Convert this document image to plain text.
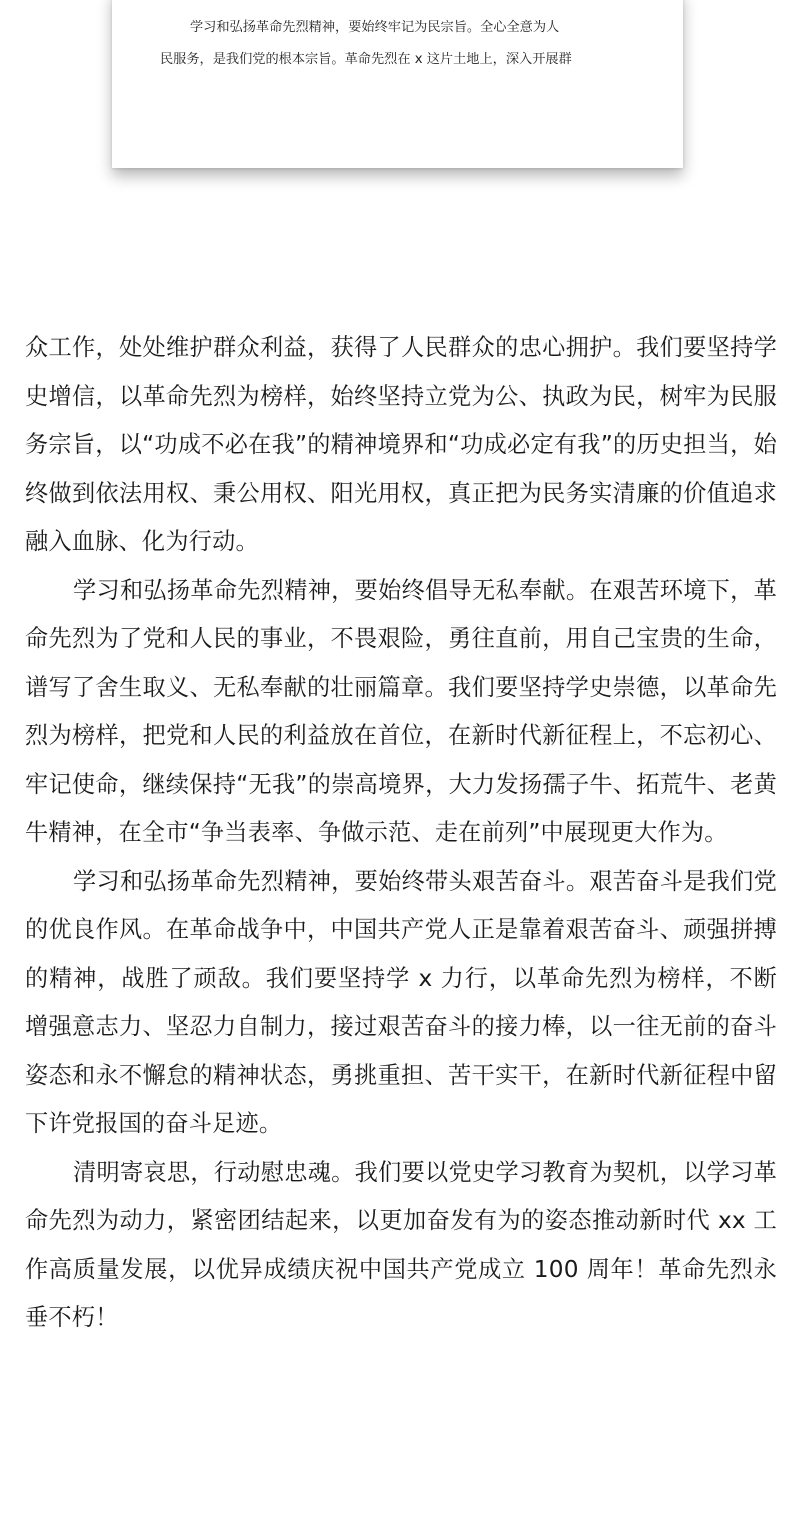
学习和弘扬革命先烈精神，要始终牢记为民宗旨。全心全意为人
民服务，是我们党的根本宗旨。革命先烈在 x 这片土地上，深入开展群

众工作，处处维护群众利益，获得了人民群众的忠心拥护。我们要坚持学史增信，以革命先烈为榜样，始终坚持立党为公、执政为民，树牢为民服务宗旨，以“功成不必在我”的精神境界和“功成必定有我”的历史担当，始终做到依法用权、秉公用权、阳光用权，真正把为民务实清廉的价值追求融入血脉、化为行动。

学习和弘扬革命先烈精神，要始终倡导无私奉献。在艰苦环境下，革命先烈为了党和人民的事业，不畏艰险，勇往直前，用自己宝贵的生命，谱写了舍生取义、无私奉献的壮丽篇章。我们要坚持学史崇德，以革命先烈为榜样，把党和人民的利益放在首位，在新时代新征程上，不忘初心、牢记使命，继续保持“无我”的崇高境界，大力发扬孺子牛、拓荒牛、老黄牛精神，在全市“争当表率、争做示范、走在前列”中展现更大作为。

学习和弘扬革命先烈精神，要始终带头艰苦奋斗。艰苦奋斗是我们党的优良作风。在革命战争中，中国共产党人正是靠着艰苦奋斗、顽强拼搏的精神，战胜了顽敌。我们要坚持学 x 力行，以革命先烈为榜样，不断增强意志力、坚忍力自制力，接过艰苦奋斗的接力棒，以一往无前的奋斗姿态和永不懈怠的精神状态，勇挑重担、苦干实干，在新时代新征程中留下许党报国的奋斗足迹。

清明寄哀思，行动慰忠魂。我们要以党史学习教育为契机，以学习革命先烈为动力，紧密团结起来，以更加奋发有为的姿态推动新时代 xx 工作高质量发展，以优异成绩庆祝中国共产党成立 100 周年！革命先烈永垂不朽！
